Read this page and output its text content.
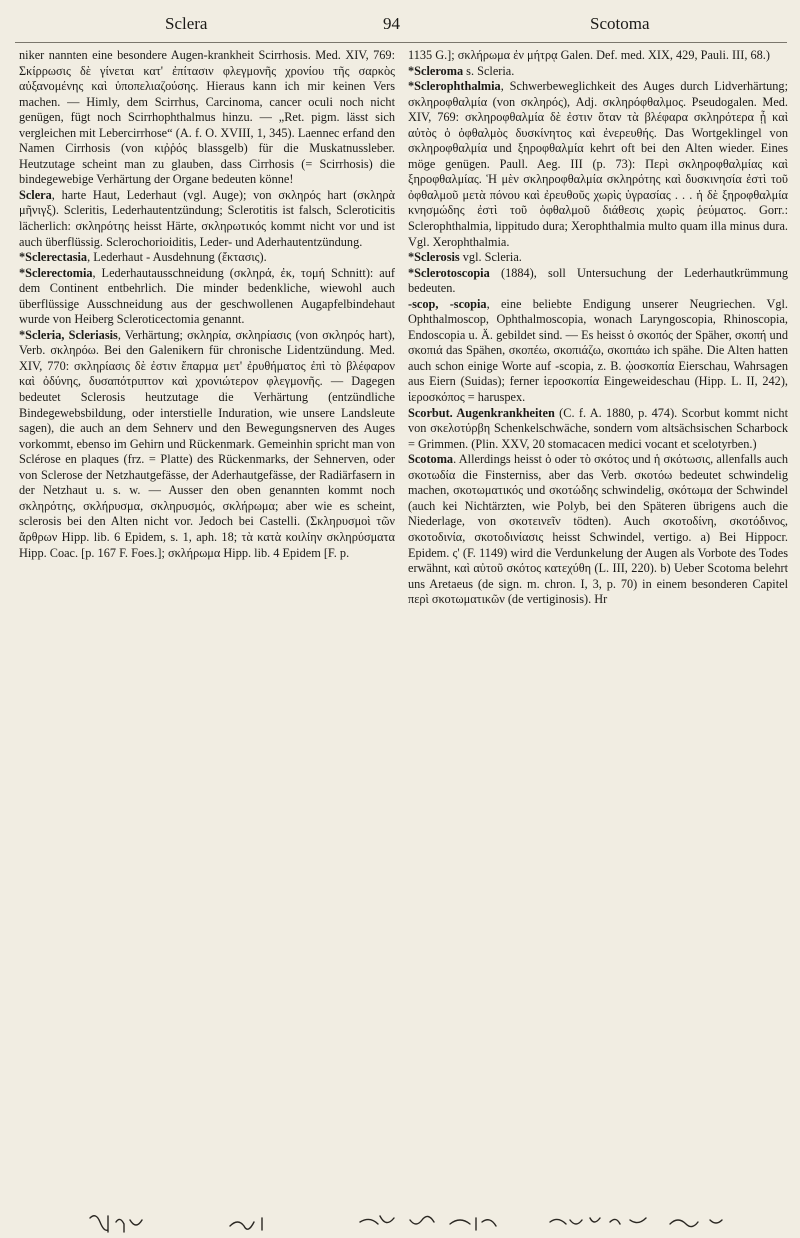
Sclera	94	Scotoma

niker nannten eine besondere Augen-krankheit Scirrhosis. Med. XIV, 769: Σκίρρωσις δὲ γίνεται κατ' ἐπίτασιν φλεγμονῆς χρονίου τῆς σαρκὸς αὐξανομένης καὶ ὑποπελιαζούσης. Hieraus kann ich mir keinen Vers machen. — Himly, dem Scirrhus, Carcinoma, cancer oculi noch nicht genügen, fügt noch Scirrhophthalmus hinzu. — „Ret. pigm. lässt sich vergleichen mit Lebercirrhose“ (A. f. O. XVIII, 1, 345). Laennec erfand den Namen Cirrhosis (von κιῤῥός blassgelb) für die Muskatnussleber. Heutzutage scheint man zu glauben, dass Cirrhosis (= Scirrhosis) die bindegewebige Verhärtung der Organe bedeuten könne!

Sclera, harte Haut, Lederhaut (vgl. Auge); von σκληρός hart (σκληρὰ μῆνιγξ). Scleritis, Lederhautentzündung; Sclerotitis ist falsch, Scleroticitis lächerlich: σκληρότης heisst Härte, σκληρωτικός kommt nicht vor und ist auch überflüssig. Sclerochorioiditis, Leder- und Aderhautentzündung.

*Sclerectasia, Lederhaut - Ausdehnung (ἔκτασις).

*Sclerectomia, Lederhautausschneidung (σκληρά, ἐκ, τομή Schnitt): auf dem Continent entbehrlich. Die minder bedenkliche, wiewohl auch überflüssige Ausschneidung aus der geschwollenen Augapfelbindehaut wurde von Heiberg Scleroticectomia genannt.

*Scleria, Scleriasis, Verhärtung; σκληρία, σκληρίασις (von σκληρός hart), Verb. σκληρόω. Bei den Galenikern für chronische Lidentzündung. Med. XIV, 770: σκληρίασις δὲ ἐστιν ἔπαρμα μετ' ἐρυθήματος ἐπὶ τὸ βλέφαρον καὶ ὀδύνης, δυσαπότριπτον καὶ χρονιώτερον φλεγμονῆς. — Dagegen bedeutet Sclerosis heutzutage die Verhärtung (entzündliche Bindegewebsbildung, oder interstielle Induration, wie unsere Landsleute sagen), die auch an dem Sehnerv und den Bewegungsnerven des Auges vorkommt, ebenso im Gehirn und Rückenmark. Gemeinhin spricht man von Sclérose en plaques (frz. = Platte) des Rückenmarks, der Sehnerven, oder von Sclerose der Netzhautgefässe, der Aderhautgefässe, der Radiärfasern in der Netzhaut u. s. w. — Ausser den oben genannten kommt noch σκληρότης, σκλήρυσμα, σκληρυσμός, σκλήρωμα; aber wie es scheint, sclerosis bei den Alten nicht vor. Jedoch bei Castelli. (Σκληρυσμοὶ τῶν ἄρθρων Hipp. lib. 6 Epidem, s. 1, aph. 18; τὰ κατὰ κοιλίην σκληρύσματα Hipp. Coac. [p. 167 F. Foes.]; σκλήρωμα Hipp. lib. 4 Epidem [F. p.

1135 G.]; σκλήρωμα ἐν μήτρᾳ Galen. Def. med. XIX, 429, Pauli. III, 68.)

*Scleroma s. Scleria.

*Sclerophthalmia, Schwerbeweglichkeit des Auges durch Lidverhärtung; σκληροφθαλμία (von σκληρός), Adj. σκληρόφθαλμος. Pseudogalen. Med. XIV, 769: σκληροφθαλμία δὲ ἐστιν ὅταν τὰ βλέφαρα σκληρότερα ᾖ καὶ αὐτὸς ὁ ὀφθαλμὸς δυσκίνητος καὶ ἐνερευθής. Das Wortgeklingel von σκληροφθαλμία und ξηροφθαλμία kehrt oft bei den Alten wieder. Eines möge genügen. Paull. Aeg. III (p. 73): Περὶ σκληροφθαλμίας καὶ ξηροφθαλμίας. Ἡ μὲν σκληροφθαλμία σκληρότης καὶ δυσκινησία ἐστὶ τοῦ ὀφθαλμοῦ μετὰ πόνου καὶ ἐρευθοῦς χωρὶς ὑγρασίας . . . ἡ δὲ ξηροφθαλμία κνησμώδης ἐστὶ τοῦ ὀφθαλμοῦ διάθεσις χωρὶς ῥεύματος. Gorr.: Sclerophthalmia, lippitudo dura; Xerophthalmia multo quam illa minus dura. Vgl. Xerophthalmia.

*Sclerosis vgl. Scleria.

*Sclerotoscopia (1884), soll Untersuchung der Lederhautkrümmung bedeuten.

-scop, -scopia, eine beliebte Endigung unserer Neugriechen. Vgl. Ophthalmoscop, Ophthalmoscopia, wonach Laryngoscopia, Rhinoscopia, Endoscopia u. Ä. gebildet sind. — Es heisst ὁ σκοπός der Späher, σκοπή und σκοπιά das Spähen, σκοπέω, σκοπιάζω, σκοπιάω ich spähe. Die Alten hatten auch schon einige Worte auf -scopia, z. B. ᾠοσκοπία Eierschau, Wahrsagen aus Eiern (Suidas); ferner ἱεροσκοπία Eingeweideschau (Hipp. L. II, 242), ἱεροσκόπος = haruspex.

Scorbut. Augenkrankheiten (C. f. A. 1880, p. 474). Scorbut kommt nicht von σκελοτύρβη Schenkelschwäche, sondern vom altsächsischen Scharbock = Grimmen. (Plin. XXV, 20 stomacacen medici vocant et scelotyrben.)

Scotoma. Allerdings heisst ὁ oder τὸ σκότος und ἡ σκότωσις, allenfalls auch σκοτωδία die Finsterniss, aber das Verb. σκοτόω bedeutet schwindelig machen, σκοτωματικός und σκοτώδης schwindelig, σκότωμα der Schwindel (auch kei Nichtärzten, wie Polyb, bei den Späteren übrigens auch die Niederlage, von σκοτεινεῖν tödten). Auch σκοτοδίνη, σκοτόδινος, σκοτοδινία, σκοτοδινίασις heisst Schwindel, vertigo. a) Bei Hippocr. Epidem. ς' (F. 1149) wird die Verdunkelung der Augen als Vorbote des Todes erwähnt, καὶ αὐτοῦ σκότος κατεχύθη (L. III, 220). b) Ueber Scotoma belehrt uns Aretaeus (de sign. m. chron. I, 3, p. 70) in einem besonderen Capitel περὶ σκοτωματικῶν (de vertiginosis). Hr
